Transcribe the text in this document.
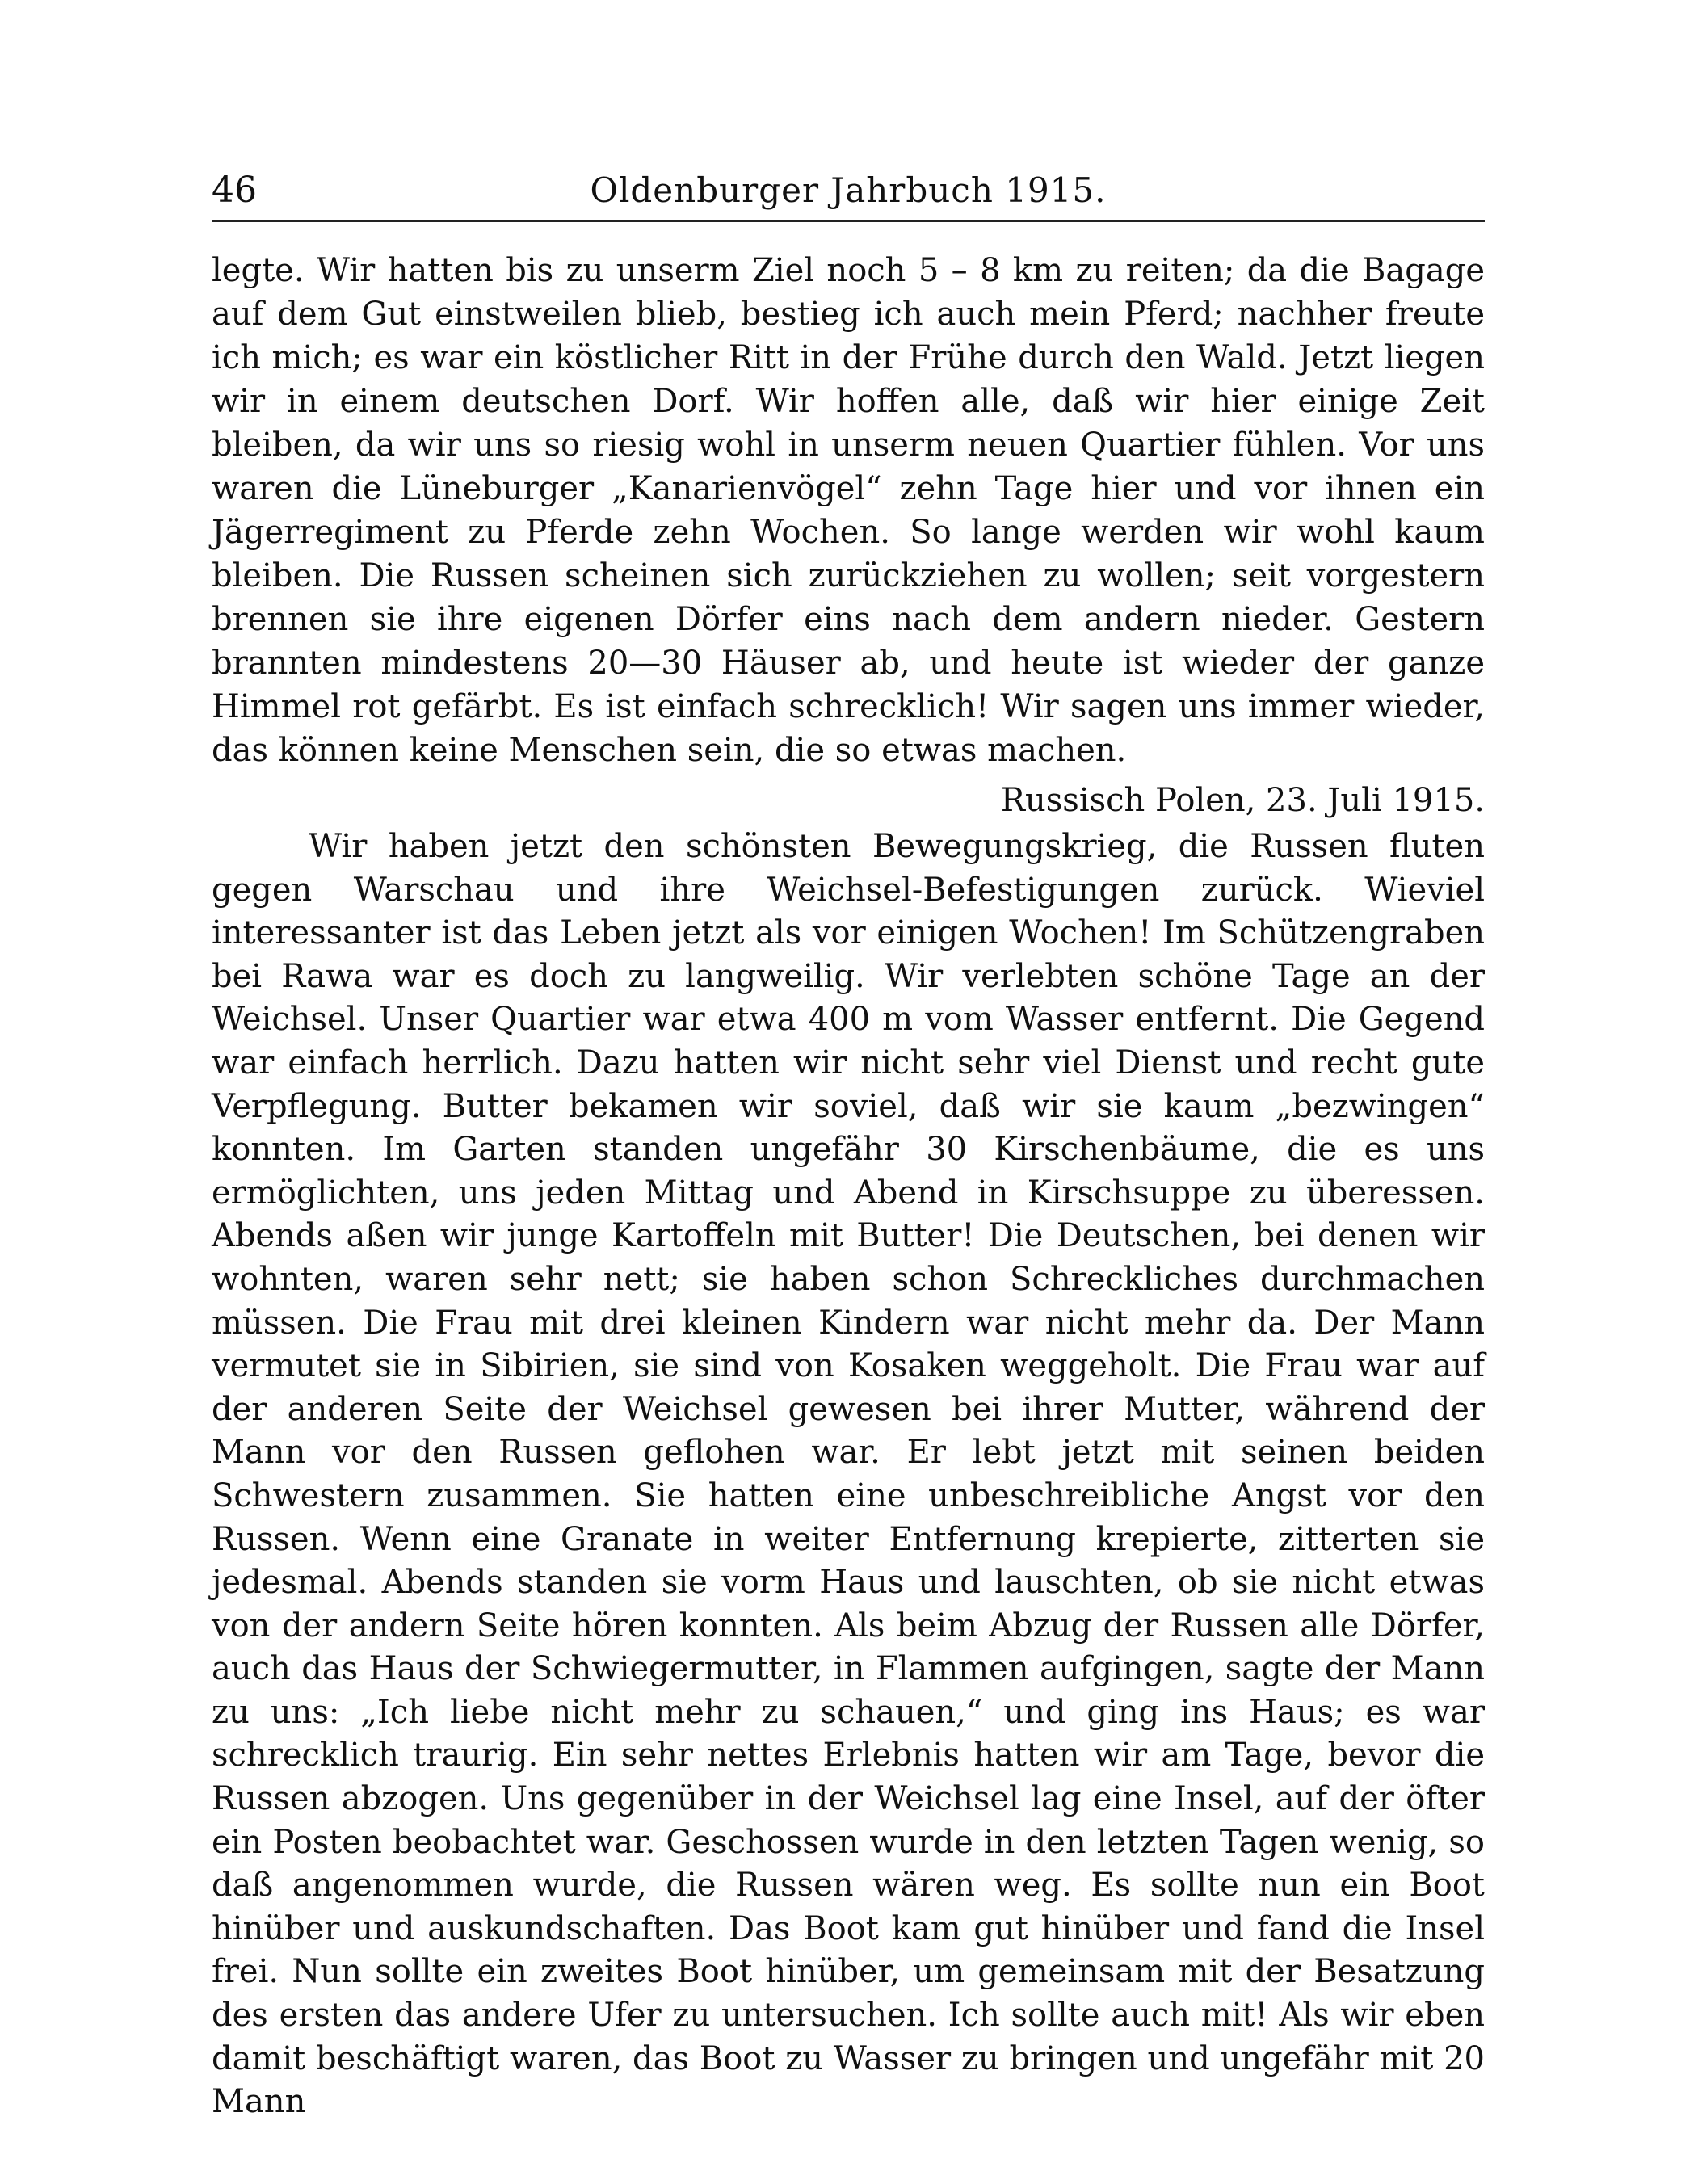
46	Oldenburger Jahrbuch 1915.

legte. Wir hatten bis zu unserm Ziel noch 5 – 8 km zu reiten; da die Bagage auf dem Gut einstweilen blieb, bestieg ich auch mein Pferd; nachher freute ich mich; es war ein köstlicher Ritt in der Frühe durch den Wald. Jetzt liegen wir in einem deutschen Dorf. Wir hoffen alle, daß wir hier einige Zeit bleiben, da wir uns so riesig wohl in unserm neuen Quartier fühlen. Vor uns waren die Lüneburger „Kanarienvögel“ zehn Tage hier und vor ihnen ein Jägerregiment zu Pferde zehn Wochen. So lange werden wir wohl kaum bleiben. Die Russen scheinen sich zurückziehen zu wollen; seit vorgestern brennen sie ihre eigenen Dörfer eins nach dem andern nieder. Gestern brannten mindestens 20—30 Häuser ab, und heute ist wieder der ganze Himmel rot gefärbt. Es ist einfach schrecklich! Wir sagen uns immer wieder, das können keine Menschen sein, die so etwas machen.

Russisch Polen, 23. Juli 1915.

Wir haben jetzt den schönsten Bewegungskrieg, die Russen fluten gegen Warschau und ihre Weichsel-Befestigungen zurück. Wieviel interessanter ist das Leben jetzt als vor einigen Wochen! Im Schützengraben bei Rawa war es doch zu langweilig. Wir verlebten schöne Tage an der Weichsel. Unser Quartier war etwa 400 m vom Wasser entfernt. Die Gegend war einfach herrlich. Dazu hatten wir nicht sehr viel Dienst und recht gute Verpflegung. Butter bekamen wir soviel, daß wir sie kaum „bezwingen“ konnten. Im Garten standen ungefähr 30 Kirschenbäume, die es uns ermöglichten, uns jeden Mittag und Abend in Kirschsuppe zu überessen. Abends aßen wir junge Kartoffeln mit Butter! Die Deutschen, bei denen wir wohnten, waren sehr nett; sie haben schon Schreckliches durchmachen müssen. Die Frau mit drei kleinen Kindern war nicht mehr da. Der Mann vermutet sie in Sibirien, sie sind von Kosaken weggeholt. Die Frau war auf der anderen Seite der Weichsel gewesen bei ihrer Mutter, während der Mann vor den Russen geflohen war. Er lebt jetzt mit seinen beiden Schwestern zusammen. Sie hatten eine unbeschreibliche Angst vor den Russen. Wenn eine Granate in weiter Entfernung krepierte, zitterten sie jedesmal. Abends standen sie vorm Haus und lauschten, ob sie nicht etwas von der andern Seite hören konnten. Als beim Abzug der Russen alle Dörfer, auch das Haus der Schwiegermutter, in Flammen aufgingen, sagte der Mann zu uns: „Ich liebe nicht mehr zu schauen,“ und ging ins Haus; es war schrecklich traurig. Ein sehr nettes Erlebnis hatten wir am Tage, bevor die Russen abzogen. Uns gegenüber in der Weichsel lag eine Insel, auf der öfter ein Posten beobachtet war. Geschossen wurde in den letzten Tagen wenig, so daß angenommen wurde, die Russen wären weg. Es sollte nun ein Boot hinüber und auskundschaften. Das Boot kam gut hinüber und fand die Insel frei. Nun sollte ein zweites Boot hinüber, um gemeinsam mit der Besatzung des ersten das andere Ufer zu untersuchen. Ich sollte auch mit! Als wir eben damit beschäftigt waren, das Boot zu Wasser zu bringen und ungefähr mit 20 Mann
